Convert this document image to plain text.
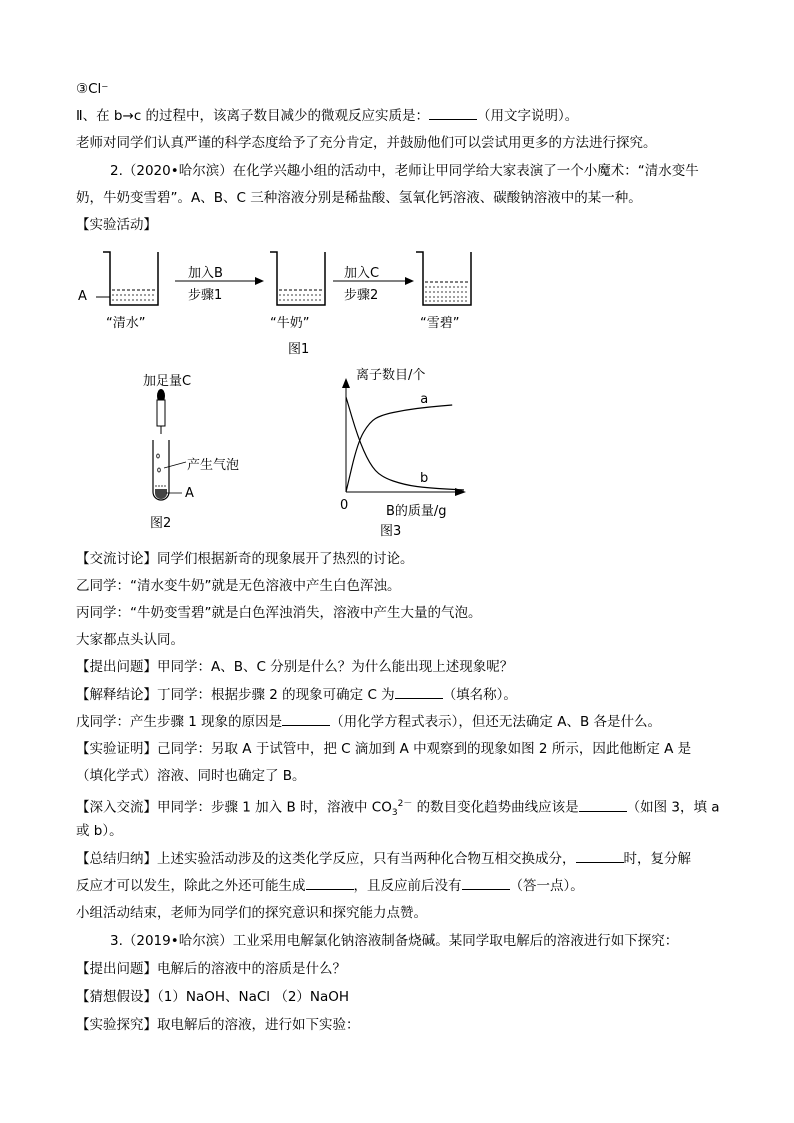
③Cl⁻
Ⅱ、在 b→c 的过程中，该离子数目减少的微观反应实质是：	（用文字说明）。
老师对同学们认真严谨的科学态度给予了充分肯定，并鼓励他们可以尝试用更多的方法进行探究。
2.（2020•哈尔滨）在化学兴趣小组的活动中，老师让甲同学给大家表演了一个小魔术：“清水变牛
奶，牛奶变雪碧”。A、B、C 三种溶液分别是稀盐酸、氢氧化钙溶液、碳酸钠溶液中的某一种。
【实验活动】
a
b
A
加入B
步骤1
加入C
步骤2
“清水”	“牛奶”	“雪碧”
图1
加足量C
产生气泡
A
图2
离子数目/个
B的质量/g
0
图3
【交流讨论】同学们根据新奇的现象展开了热烈的讨论。
乙同学：“清水变牛奶”就是无色溶液中产生白色浑浊。
丙同学：“牛奶变雪碧”就是白色浑浊消失，溶液中产生大量的气泡。
大家都点头认同。
【提出问题】甲同学：A、B、C 分别是什么？为什么能出现上述现象呢？
【解释结论】丁同学：根据步骤 2 的现象可确定 C 为	（填名称）。
戊同学：产生步骤 1 现象的原因是	（用化学方程式表示），但还无法确定 A、B 各是什么。
【实验证明】己同学：另取 A 于试管中，把 C 滴加到 A 中观察到的现象如图 2 所示，因此他断定 A 是
（填化学式）溶液、同时也确定了 B。
【深入交流】甲同学：步骤 1 加入 B 时，溶液中 $CO_3^{2-}$ 的数目变化趋势曲线应该是	（如图 3，填 a
或 b）。
【总结归纳】上述实验活动涉及的这类化学反应，只有当两种化合物互相交换成分，	时，复分解
反应才可以发生，除此之外还可能生成	，且反应前后没有	（答一点）。
小组活动结束，老师为同学们的探究意识和探究能力点赞。
3.（2019•哈尔滨）工业采用电解氯化钠溶液制备烧碱。某同学取电解后的溶液进行如下探究：
【提出问题】电解后的溶液中的溶质是什么？
【猜想假设】（1）NaOH、NaCl （2）NaOH
【实验探究】取电解后的溶液，进行如下实验：
